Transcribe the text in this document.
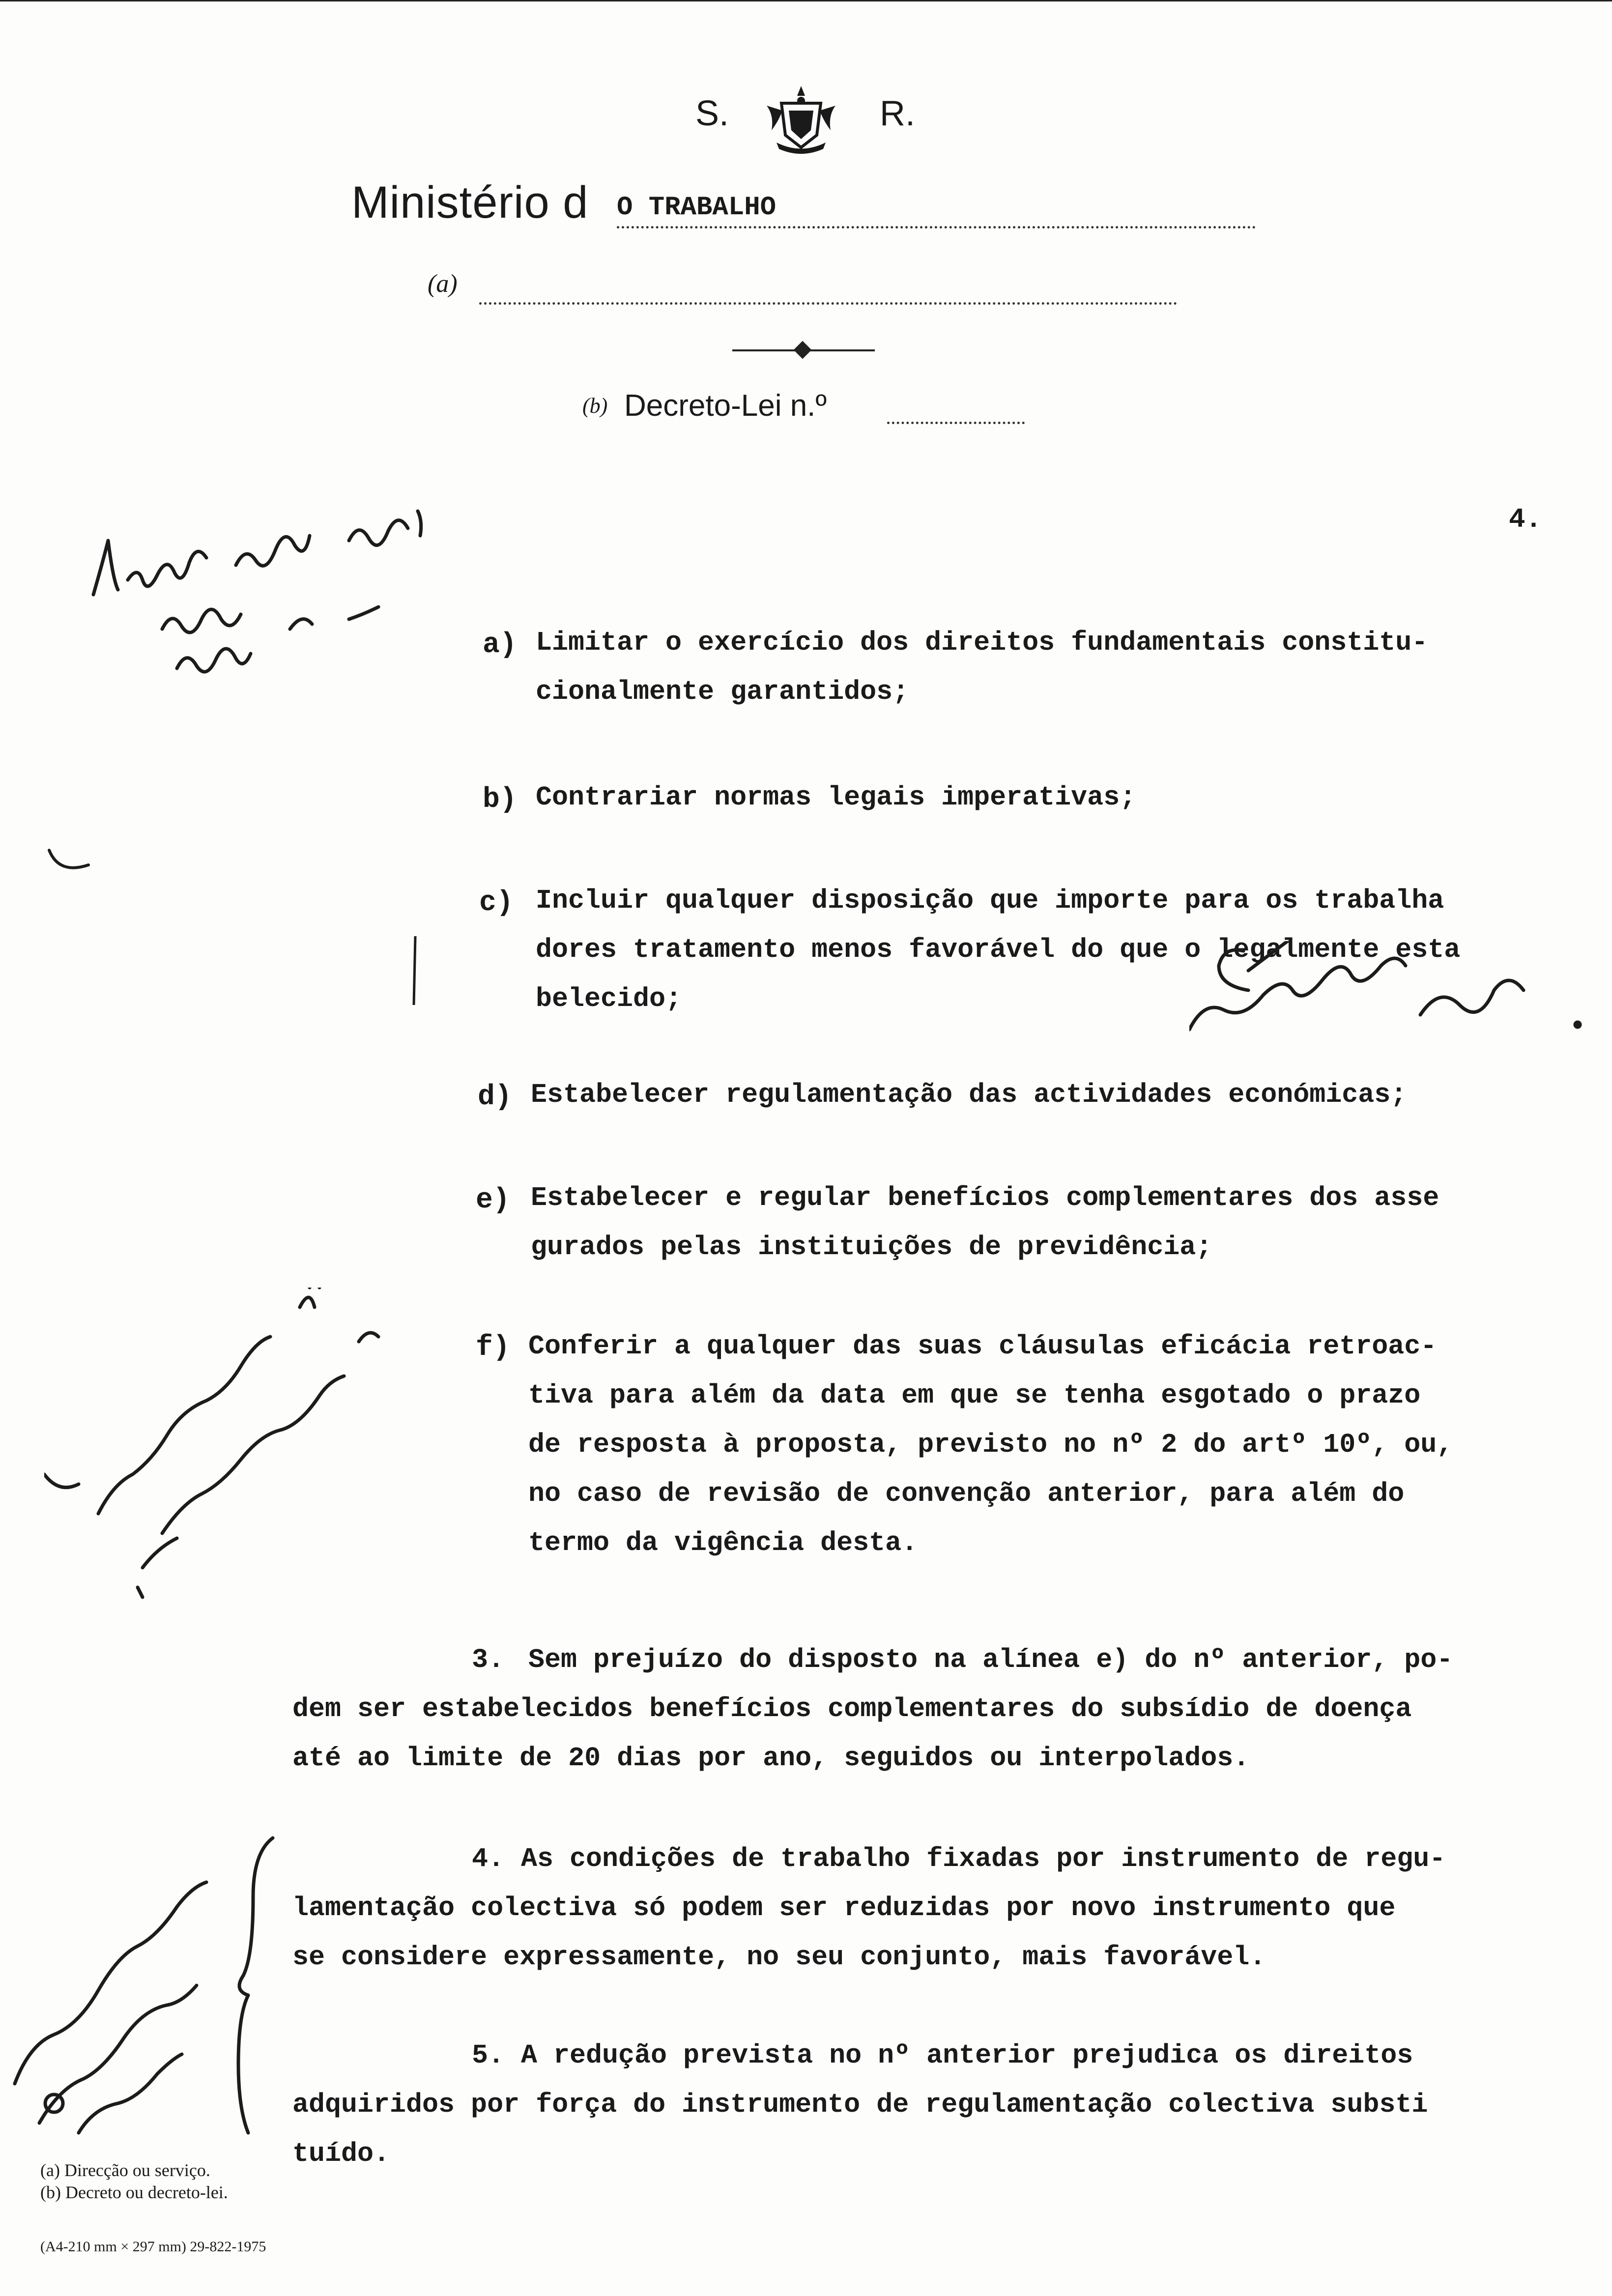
S.	R.
Ministério d O TRABALHO
(a)
(b) Decreto-Lei n.º
4.
a) Limitar o exercício dos direitos fundamentais constitu-
cionalmente garantidos;
b) Contrariar normas legais imperativas;
c) Incluir qualquer disposição que importe para os trabalha
dores tratamento menos favorável do que o legalmente esta
belecido;
d) Estabelecer regulamentação das actividades económicas;
e) Estabelecer e regular benefícios complementares dos asse
gurados pelas instituições de previdência;
f) Conferir a qualquer das suas cláusulas eficácia retroac-
tiva para além da data em que se tenha esgotado o prazo
de resposta à proposta, previsto no nº 2 do artº 10º, ou,
no caso de revisão de convenção anterior, para além do
termo da vigência desta.
3. Sem prejuízo do disposto na alínea e) do nº anterior, po-
dem ser estabelecidos benefícios complementares do subsídio de doença
até ao limite de 20 dias por ano, seguidos ou interpolados.
4. As condições de trabalho fixadas por instrumento de regu-
lamentação colectiva só podem ser reduzidas por novo instrumento que
se considere expressamente, no seu conjunto, mais favorável.
5. A redução prevista no nº anterior prejudica os direitos
adquiridos por força do instrumento de regulamentação colectiva substi
tuído.
(a) Direcção ou serviço.
(b) Decreto ou decreto-lei.
(A4-210 mm × 297 mm) 29-822-1975
